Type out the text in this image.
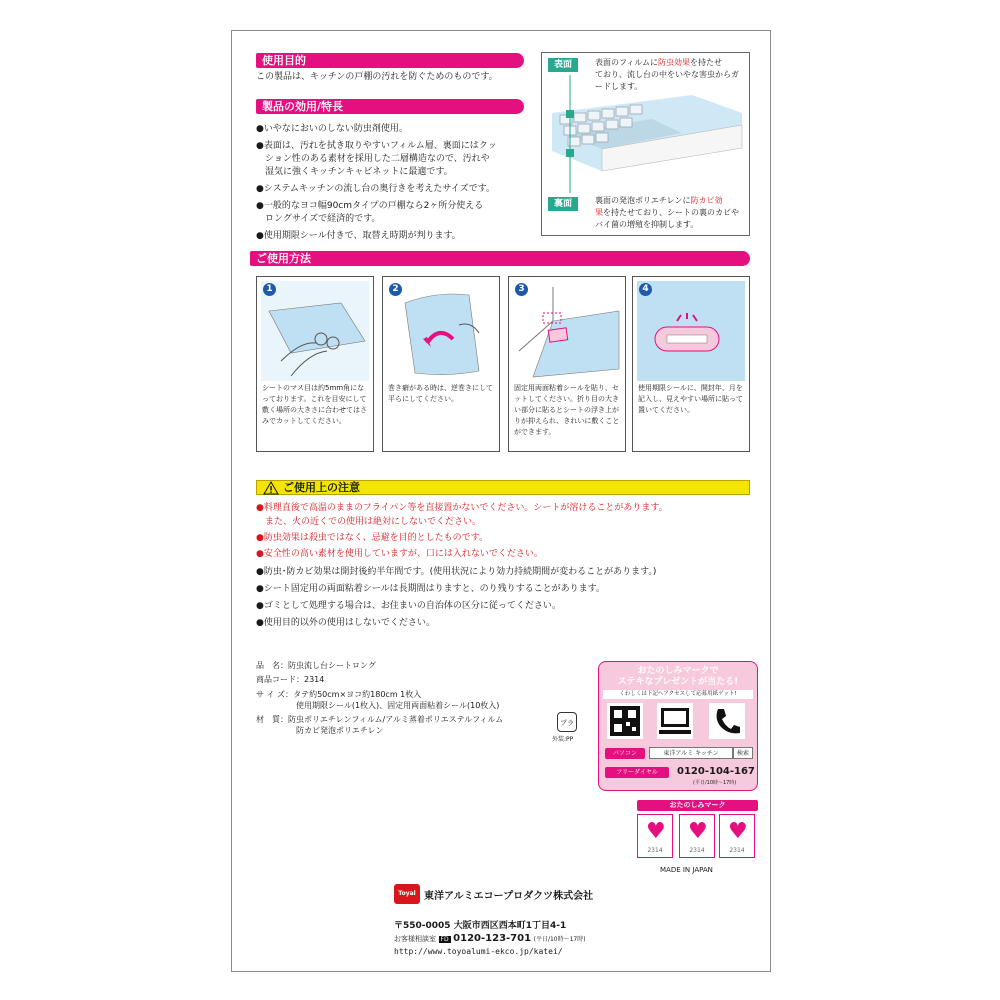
使用目的
この製品は、キッチンの戸棚の汚れを防ぐためのものです。
製品の効用/特長
●いやなにおいのしない防虫剤使用。
●表面は、汚れを拭き取りやすいフィルム層、裏面にはクッ
ション性のある素材を採用した二層構造なので、汚れや
湿気に強くキッチンキャビネットに最適です。
●システムキッチンの流し台の奥行きを考えたサイズです。
●一般的なヨコ幅90cmタイプの戸棚なら2ヶ所分使える
ロングサイズで経済的です。
●使用期限シール付きで、取替え時期が判ります。
表面	表面のフィルムに防虫効果を持たせ
ており、流し台の中をいやな害虫からガ
ードします。
裏面	裏面の発泡ポリエチレンに防カビ効
果を持たせており、シートの裏のカビや
バイ菌の増殖を抑制します。
ご使用方法
1
シートのマス目は約5mm角になっております。これを目安にして敷く場所の大きさに合わせてはさみでカットしてください。
2
巻き癖がある時は、逆巻きにして平らにしてください。
3
固定用両面粘着シールを貼り、セットしてください。折り目の大きい部分に貼るとシートの浮き上がりが抑えられ、きれいに敷くことができます。
4
使用期限シールに、開封年、月を記入し、見えやすい場所に貼って置いてください。
ご使用上の注意
●料理直後で高温のままのフライパン等を直接置かないでください。シートが溶けることがあります。
　また、火の近くでの使用は絶対にしないでください。
●防虫効果は殺虫ではなく、忌避を目的としたものです。
●安全性の高い素材を使用していますが、口には入れないでください。
●防虫･防カビ効果は開封後約半年間です。(使用状況により効力持続期間が変わることがあります。)
●シート固定用の両面粘着シールは長期間はりますと、のり残りすることがあります。
●ゴミとして処理する場合は、お住まいの自治体の区分に従ってください。
●使用目的以外の使用はしないでください。
品　名：防虫流し台シートロング
商品コード：2314
サ イ ズ：タテ約50cm×ヨコ約180cm 1枚入
使用期限シール(1枚入)、固定用両面粘着シール(10枚入)
材　質：防虫ポリエチレンフィルム/アルミ蒸着ポリエステルフィルム
防カビ発泡ポリエチレン
プラ
外装:PP
おたのしみマークで
ステキなプレゼントが当たる!
くわしくは下記へアクセスして応募用紙ゲット!
パソコン	東洋アルミ キッチン	検索
フリーダイヤル	0120-104-167
(平日/10時～17時)
おたのしみマーク
♥
2314
♥
2314
♥
2314
MADE IN JAPAN
Toyal 東洋アルミエコープロダクツ株式会社
〒550-0005 大阪市西区西本町1丁目4-1
お客様相談室 FD 0120-123-701 (平日/10時～17時)
http://www.toyoalumi-ekco.jp/katei/
